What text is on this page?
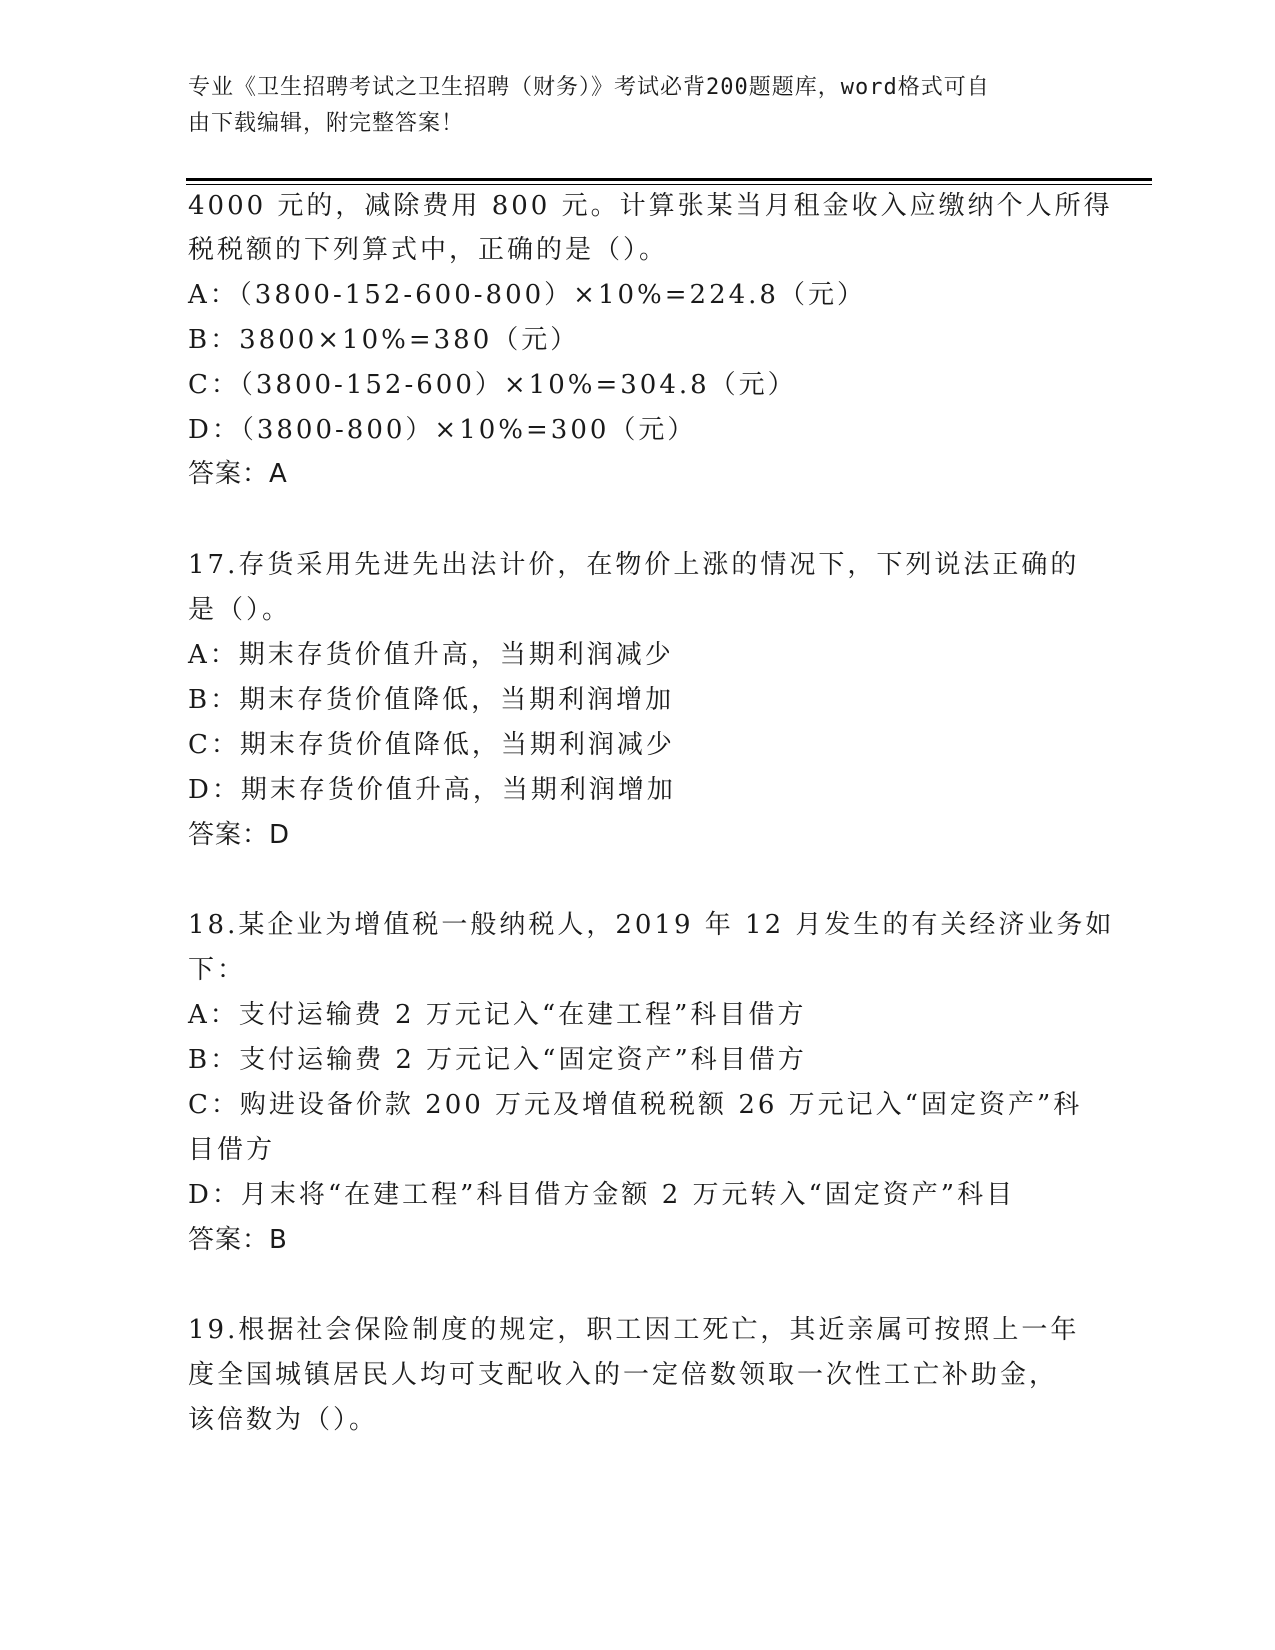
专业《卫生招聘考试之卫生招聘（财务）》考试必背200题题库，word格式可自
由下载编辑，附完整答案！
4000 元的，减除费用 800 元。计算张某当月租金收入应缴纳个人所得
税税额的下列算式中，正确的是（）。
A：（3800-152-600-800）×10%=224.8（元）
B：3800×10%=380（元）
C：（3800-152-600）×10%=304.8（元）
D：（3800-800）×10%=300（元）
答案：A
17.存货采用先进先出法计价，在物价上涨的情况下，下列说法正确的
是（）。
A：期末存货价值升高，当期利润减少
B：期末存货价值降低，当期利润增加
C：期末存货价值降低，当期利润减少
D：期末存货价值升高，当期利润增加
答案：D
18.某企业为增值税一般纳税人，2019 年 12 月发生的有关经济业务如
下：
A：支付运输费 2 万元记入“在建工程”科目借方
B：支付运输费 2 万元记入“固定资产”科目借方
C：购进设备价款 200 万元及增值税税额 26 万元记入“固定资产”科
目借方
D：月末将“在建工程”科目借方金额 2 万元转入“固定资产”科目
答案：B
19.根据社会保险制度的规定，职工因工死亡，其近亲属可按照上一年
度全国城镇居民人均可支配收入的一定倍数领取一次性工亡补助金，
该倍数为（）。
